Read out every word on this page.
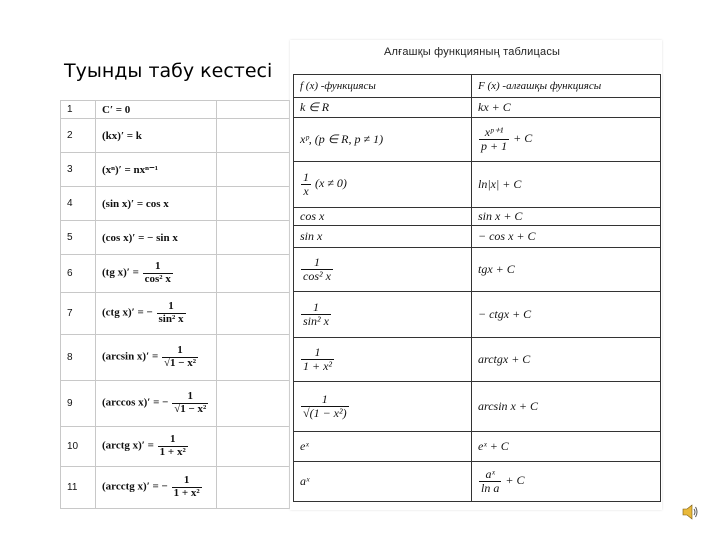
Туынды табу кестесі
1	C′ = 0	
2	(kx)′ = k	
3	(xⁿ)′ = nxⁿ⁻¹	
4	(sin x)′ = cos x	
5	(cos x)′ = − sin x	
6	(tg $x)' = \frac{1}{\text{cos² x}}$

7	(ctg x)′ = − $\frac{1}{\text{sin² x}}$

8	(arcsin $x)' = \frac{1}{\text{√1 − x²}}$

9	(arccos x)′ = − $\frac{1}{\text{√1 − x²}}$

10	(arctg $x)' = \frac{1}{\text{1 + x²}}$

11	(arcctg x)′ = − $\frac{1}{\text{1 + x²}}$

Алғашқы функцияның таблицасы
f (x) -функциясы	F (x) -алғашқы функциясы
k ∈ R	kx + C
xᵖ, (p ∈ R, p ≠ 1)	$\frac{\text{xᵖ⁺¹}}{p + 1} + C$

$\frac{1}{x} (x \ne 0)$	ln|x| + C
cos x	sin x + C
sin x	− cos x + C

$\frac{1}{\text{cos² x}}$	tgx + C

$\frac{1}{\text{sin² x}}$	− ctgx + C

$\frac{1}{\text{1 + x²}}$	arctgx + C

$\frac{1}{\text{√(1 − x²)}}$	arcsin x + C
eˣ	eˣ + C
aˣ	$\frac{\text{aˣ}}{\text{ln a}} + C$
